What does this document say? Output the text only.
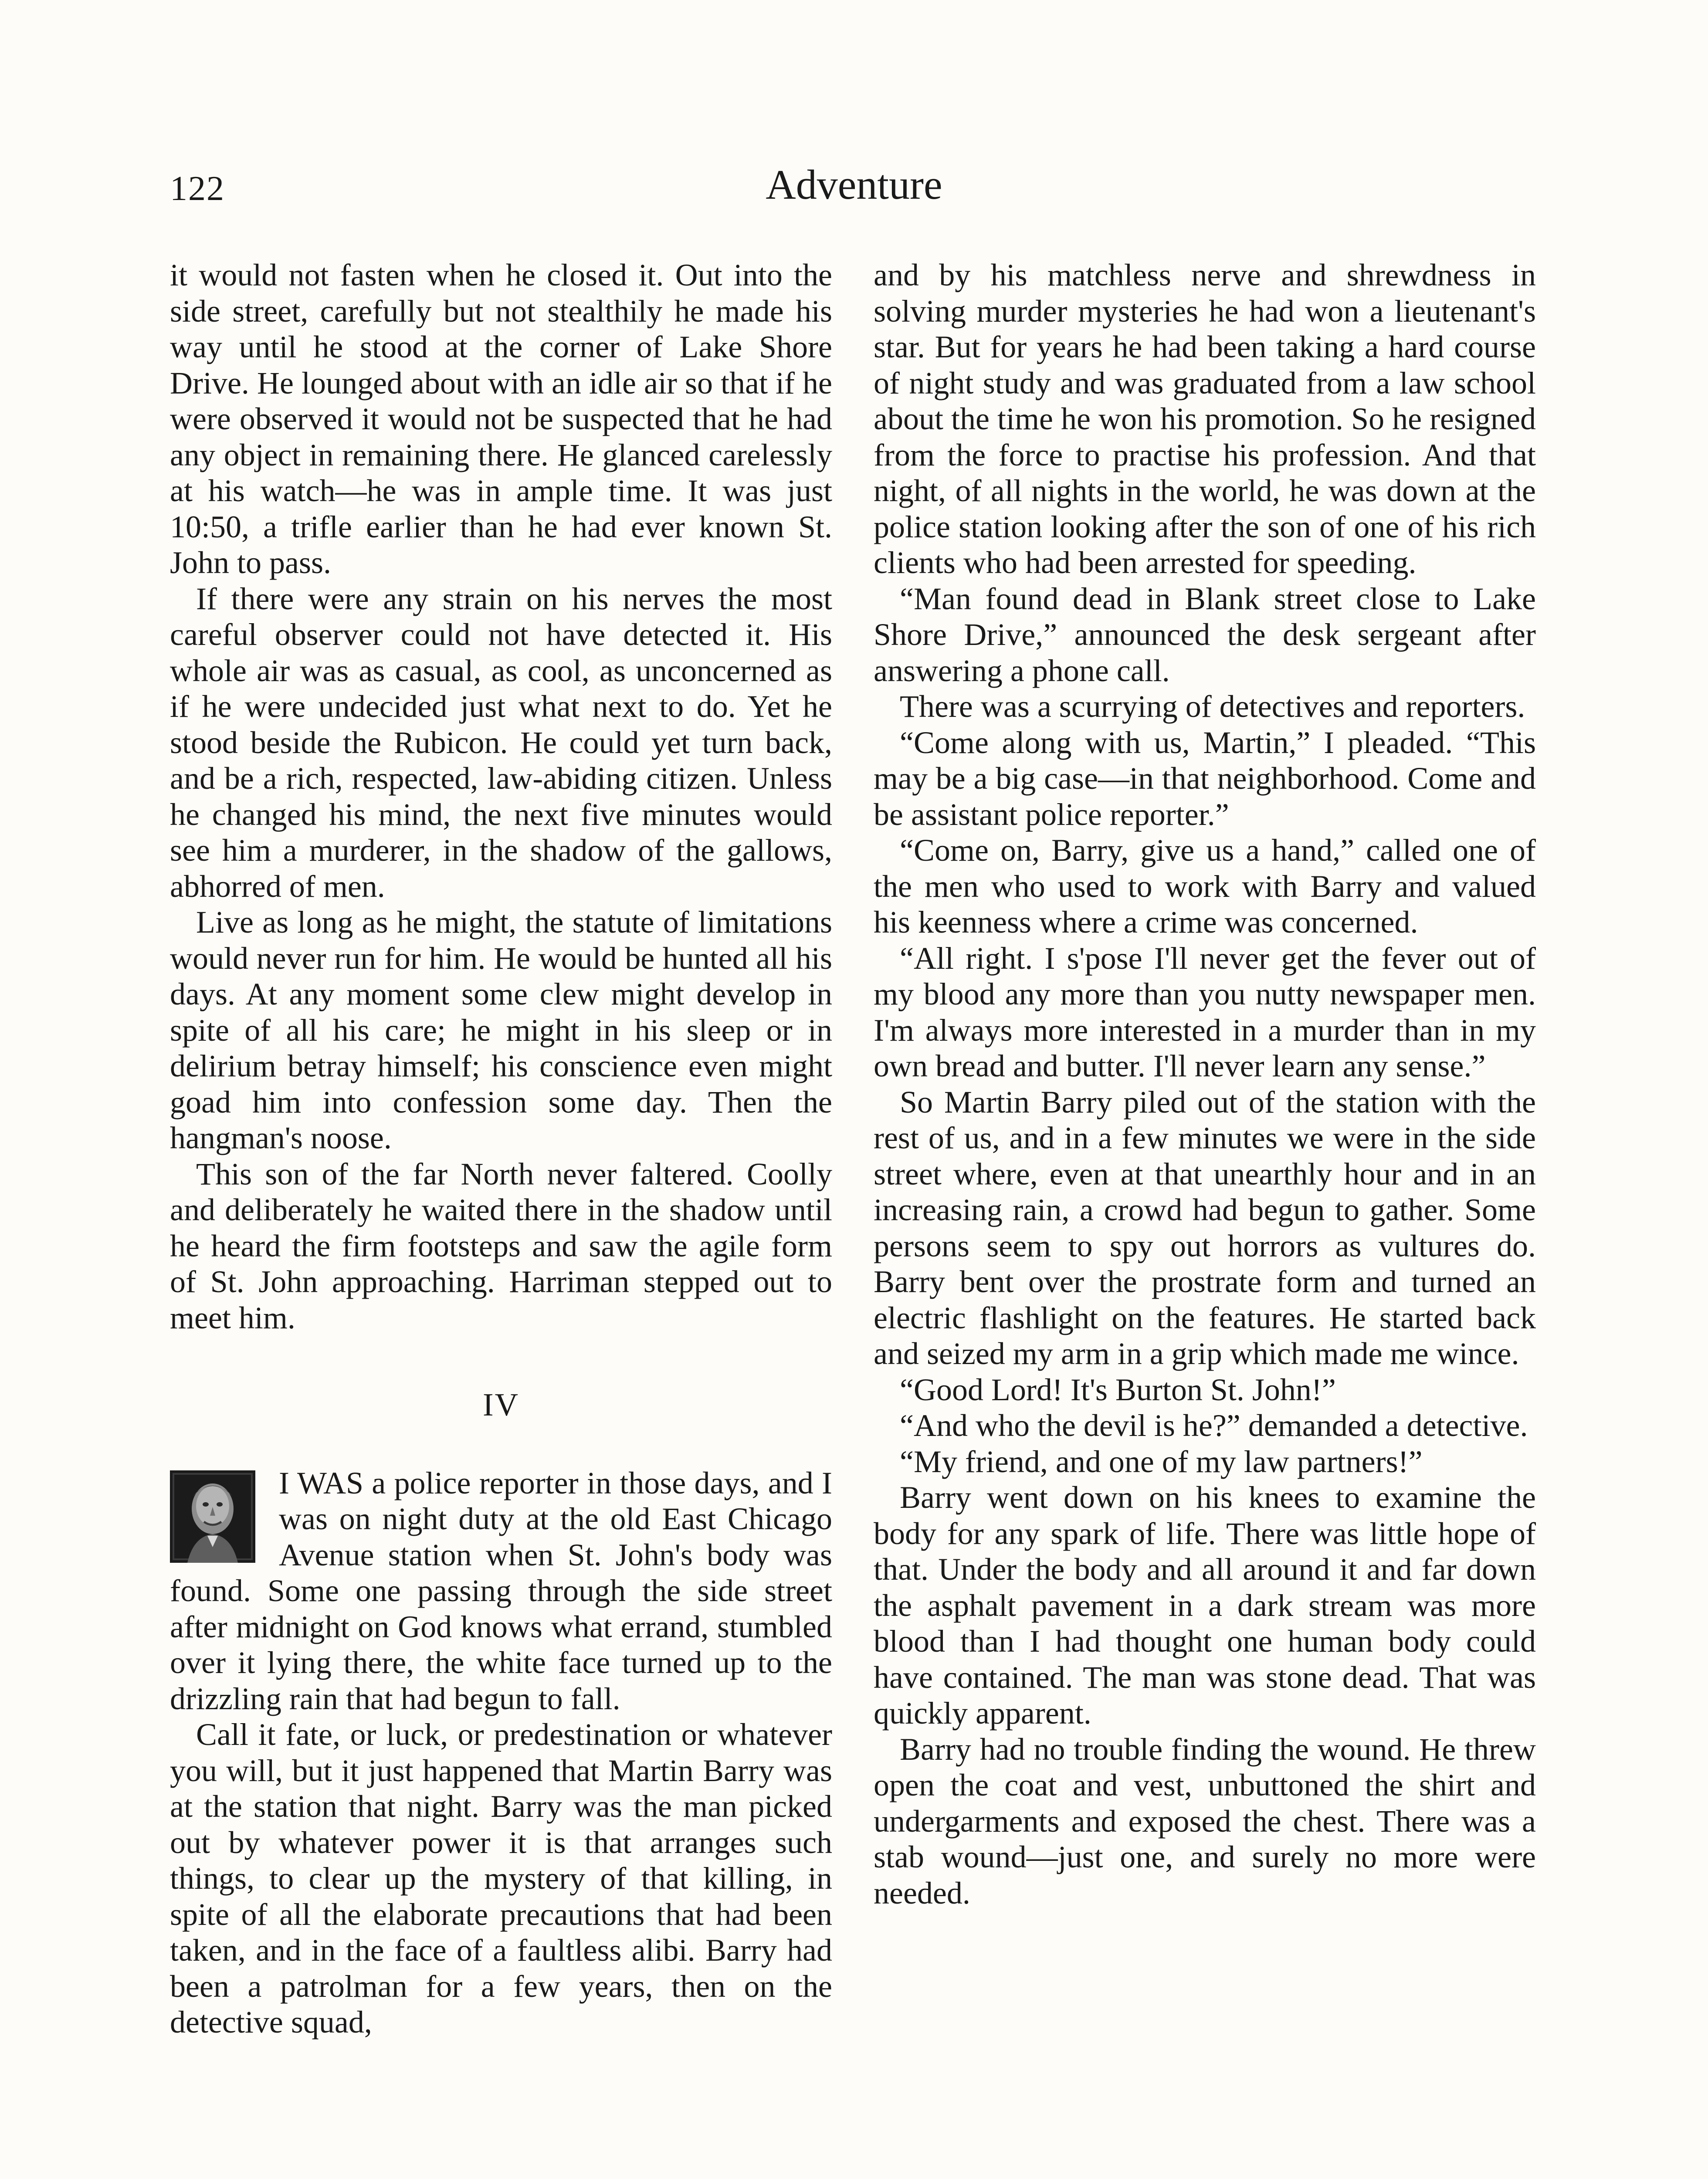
122	Adventure

it would not fasten when he closed it. Out into the side street, carefully but not stealthily he made his way until he stood at the corner of Lake Shore Drive. He lounged about with an idle air so that if he were observed it would not be suspected that he had any object in remaining there. He glanced carelessly at his watch—he was in ample time. It was just 10:50, a trifle earlier than he had ever known St. John to pass.

If there were any strain on his nerves the most careful observer could not have detected it. His whole air was as casual, as cool, as unconcerned as if he were undecided just what next to do. Yet he stood beside the Rubicon. He could yet turn back, and be a rich, respected, law-abiding citizen. Unless he changed his mind, the next five minutes would see him a murderer, in the shadow of the gallows, abhorred of men.

Live as long as he might, the statute of limitations would never run for him. He would be hunted all his days. At any moment some clew might develop in spite of all his care; he might in his sleep or in delirium betray himself; his conscience even might goad him into confession some day. Then the hangman's noose.

This son of the far North never faltered. Coolly and deliberately he waited there in the shadow until he heard the firm footsteps and saw the agile form of St. John approaching. Harriman stepped out to meet him.

IV

I WAS a police reporter in those days, and I was on night duty at the old East Chicago Avenue station when St. John's body was found. Some one passing through the side street after midnight on God knows what errand, stumbled over it lying there, the white face turned up to the drizzling rain that had begun to fall.

Call it fate, or luck, or predestination or whatever you will, but it just happened that Martin Barry was at the station that night. Barry was the man picked out by whatever power it is that arranges such things, to clear up the mystery of that killing, in spite of all the elaborate precautions that had been taken, and in the face of a faultless alibi. Barry had been a patrolman for a few years, then on the detective squad,

and by his matchless nerve and shrewdness in solving murder mysteries he had won a lieutenant's star. But for years he had been taking a hard course of night study and was graduated from a law school about the time he won his promotion. So he resigned from the force to practise his profession. And that night, of all nights in the world, he was down at the police station looking after the son of one of his rich clients who had been arrested for speeding.

“Man found dead in Blank street close to Lake Shore Drive,” announced the desk sergeant after answering a phone call.

There was a scurrying of detectives and reporters.

“Come along with us, Martin,” I pleaded. “This may be a big case—in that neighborhood. Come and be assistant police reporter.”

“Come on, Barry, give us a hand,” called one of the men who used to work with Barry and valued his keenness where a crime was concerned.

“All right. I s'pose I'll never get the fever out of my blood any more than you nutty newspaper men. I'm always more interested in a murder than in my own bread and butter. I'll never learn any sense.”

So Martin Barry piled out of the station with the rest of us, and in a few minutes we were in the side street where, even at that unearthly hour and in an increasing rain, a crowd had begun to gather. Some persons seem to spy out horrors as vultures do. Barry bent over the prostrate form and turned an electric flashlight on the features. He started back and seized my arm in a grip which made me wince.

“Good Lord! It's Burton St. John!”

“And who the devil is he?” demanded a detective.

“My friend, and one of my law partners!”

Barry went down on his knees to examine the body for any spark of life. There was little hope of that. Under the body and all around it and far down the asphalt pavement in a dark stream was more blood than I had thought one human body could have contained. The man was stone dead. That was quickly apparent.

Barry had no trouble finding the wound. He threw open the coat and vest, unbuttoned the shirt and undergarments and exposed the chest. There was a stab wound—just one, and surely no more were needed.
